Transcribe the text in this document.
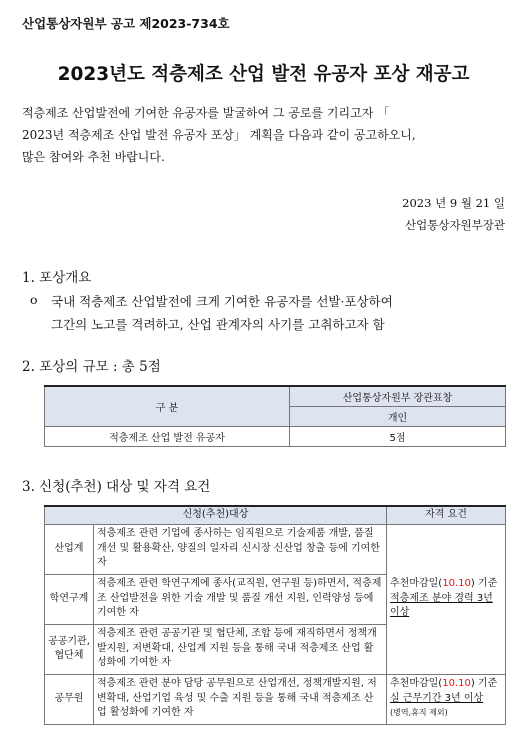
산업통상자원부 공고 제2023-734호
2023년도 적층제조 산업 발전 유공자 포상 재공고
적층제조 산업발전에 기여한 유공자를 발굴하여 그 공로를 기리고자 「
2023년 적층제조 산업 발전 유공자 포상」 계획을 다음과 같이 공고하오니,
많은 참여와 추천 바랍니다.
2023 년 9 월 21 일
산업통상자원부장관
1. 포상개요
o 국내 적층제조 산업발전에 크게 기여한 유공자를 선발·포상하여
그간의 노고를 격려하고, 산업 관계자의 사기를 고취하고자 함
2. 포상의 규모 : 총 5점
구 분	산업통상자원부 장관표창
	개인
적층제조 산업 발전 유공자	5점
3. 신청(추천) 대상 및 자격 요건
신청(추천)대상		자격 요건
산업계	적층제조 관련 기업에 종사하는 임직원으로 기술제품 개발, 품질 개선 및 활용확산, 양질의 일자리 신시장 신산업 창출 등에 기여한 자	추천마감일(10.10) 기준
적층제조 분야 경력 3년 이상

학연구계	적층제조 관련 학연구계에 종사(교직원, 연구원 등)하면서, 적층제조 산업발전을 위한 기술 개발 및 품질 개선 지원, 인력양성 등에 기여한 자	
공공기관, 협단체	적층제조 관련 공공기관 및 협단체, 조합 등에 재직하면서 정책개발지원, 저변확대, 산업계 지원 등을 통해 국내 적층제조 산업 활성화에 기여한 자	
공무원	적층제조 관련 분야 담당 공무원으로 산업개선, 정책개발지원, 저변확대, 산업기업 육성 및 수출 지원 등을 통해 국내 적층제조 산업 활성화에 기여한 자	추천마감일(10.10) 기준
실 근무기간 3년 이상
(병역,휴직 제외)
